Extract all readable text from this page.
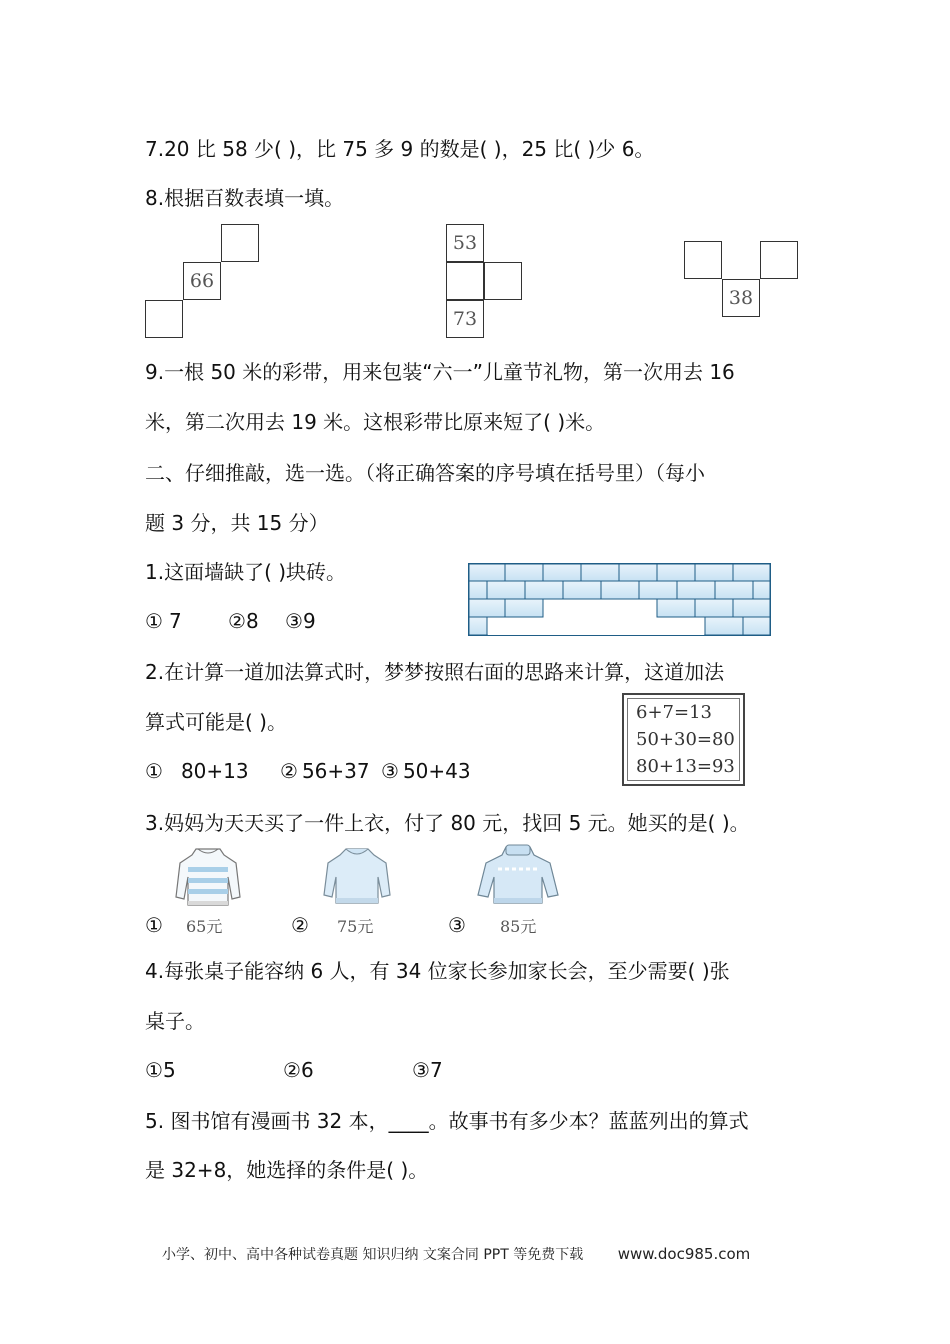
7.20 比 58 少( )，比 75 多 9 的数是( )，25 比( )少 6。
8.根据百数表填一填。
66
53
73
38
9.一根 50 米的彩带，用来包装“六一”儿童节礼物，第一次用去 16
米，第二次用去 19 米。这根彩带比原来短了( )米。
二、仔细推敲，选一选。（将正确答案的序号填在括号里）（每小
题 3 分，共 15 分）
1.这面墙缺了( )块砖。
① 7 ②8 ③9
2.在计算一道加法算式时，梦梦按照右面的思路来计算，这道加法
算式可能是( )。	6+7=13
50+30=80
80+13=93
① 80+13 ② 56+37 ③ 50+43
3.妈妈为天天买了一件上衣，付了 80 元，找回 5 元。她买的是( )。
① 65元	② 75元	③ 85元
4.每张桌子能容纳 6 人，有 34 位家长参加家长会，至少需要( )张
桌子。
①5	②6	③7
5. 图书馆有漫画书 32 本，____。故事书有多少本？蓝蓝列出的算式
是 32+8，她选择的条件是( )。
小学、初中、高中各种试卷真题 知识归纳 文案合同 PPT 等免费下载 www.doc985.com
